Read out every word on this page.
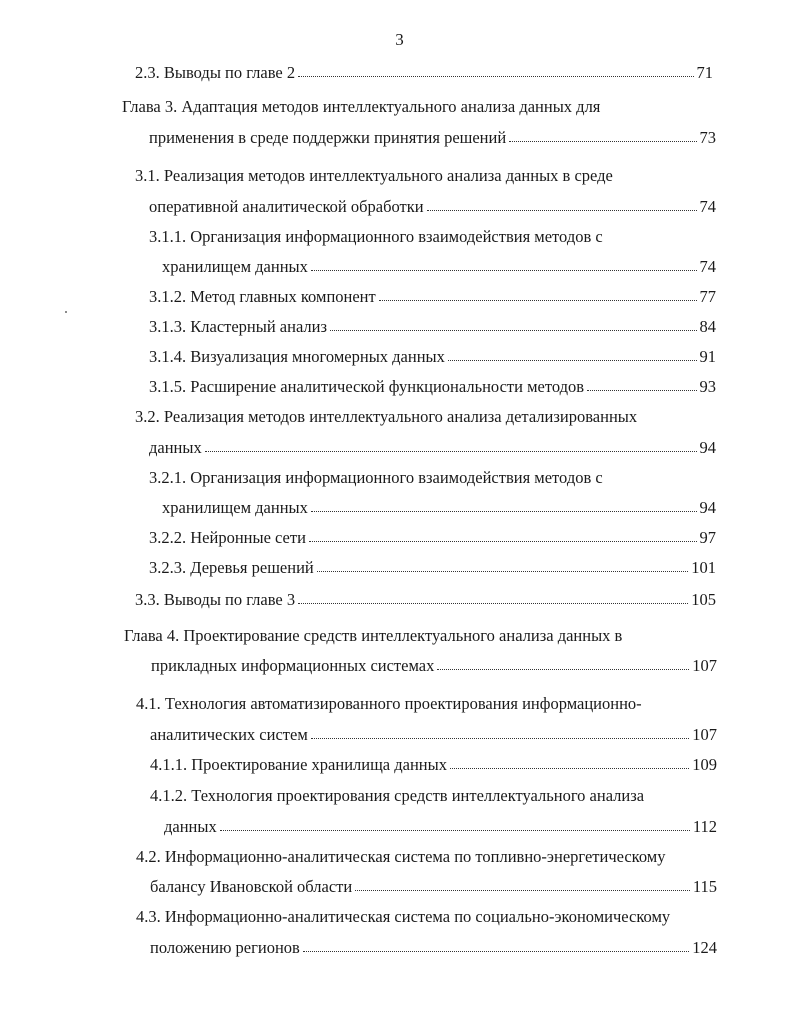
3
2.3. Выводы по главе 2	71
Глава 3. Адаптация методов интеллектуального анализа данных для
применения в среде поддержки принятия решений	73
3.1. Реализация методов интеллектуального анализа данных в среде
оперативной аналитической обработки	74
3.1.1. Организация информационного взаимодействия методов с
хранилищем данных	74
3.1.2. Метод главных компонент	77
3.1.3. Кластерный анализ	84
3.1.4. Визуализация многомерных данных	91
3.1.5. Расширение аналитической функциональности методов	93
3.2. Реализация методов интеллектуального анализа детализированных
данных	94
3.2.1. Организация информационного взаимодействия методов с
хранилищем данных	94
3.2.2. Нейронные сети	97
3.2.3. Деревья решений	101
3.3. Выводы по главе 3	105
Глава 4. Проектирование средств интеллектуального анализа данных в
прикладных информационных системах	107
4.1. Технология автоматизированного проектирования информационно-
аналитических систем	107
4.1.1. Проектирование хранилища данных	109
4.1.2. Технология проектирования средств интеллектуального анализа
данных	112
4.2. Информационно-аналитическая система по топливно-энергетическому
балансу Ивановской области	115
4.3. Информационно-аналитическая система по социально-экономическому
положению регионов	124
